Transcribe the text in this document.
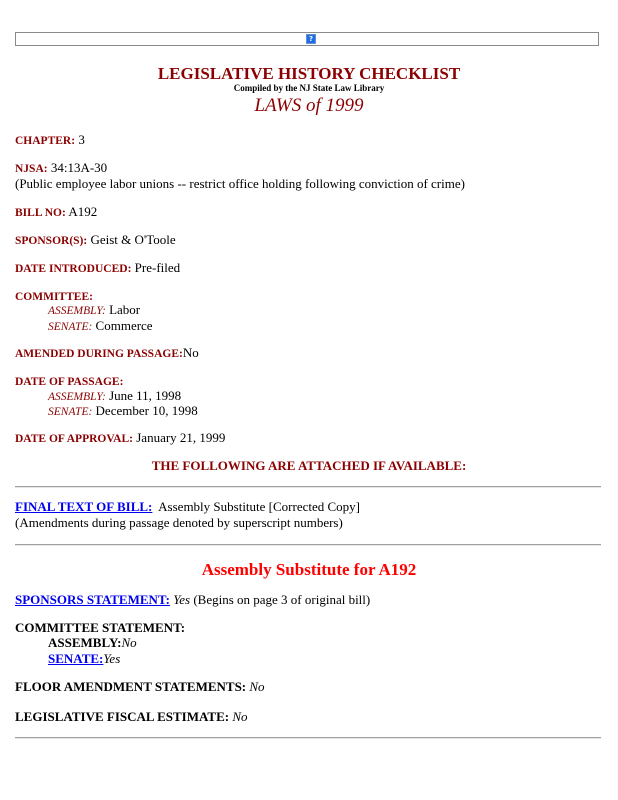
?
LEGISLATIVE HISTORY CHECKLIST
Compiled by the NJ State Law Library
LAWS of 1999
CHAPTER: 3
NJSA: 34:13A-30
(Public employee labor unions -- restrict office holding following conviction of crime)
BILL NO: A192
SPONSOR(S): Geist & O'Toole
DATE INTRODUCED: Pre-filed
COMMITTEE:
ASSEMBLY: Labor
SENATE: Commerce
AMENDED DURING PASSAGE:No
DATE OF PASSAGE:
ASSEMBLY: June 11, 1998
SENATE: December 10, 1998
DATE OF APPROVAL: January 21, 1999
THE FOLLOWING ARE ATTACHED IF AVAILABLE:
FINAL TEXT OF BILL:  Assembly Substitute [Corrected Copy]
(Amendments during passage denoted by superscript numbers)
Assembly Substitute for A192
SPONSORS STATEMENT: Yes (Begins on page 3 of original bill)
COMMITTEE STATEMENT:
ASSEMBLY:No
SENATE:Yes
FLOOR AMENDMENT STATEMENTS: No
LEGISLATIVE FISCAL ESTIMATE: No
